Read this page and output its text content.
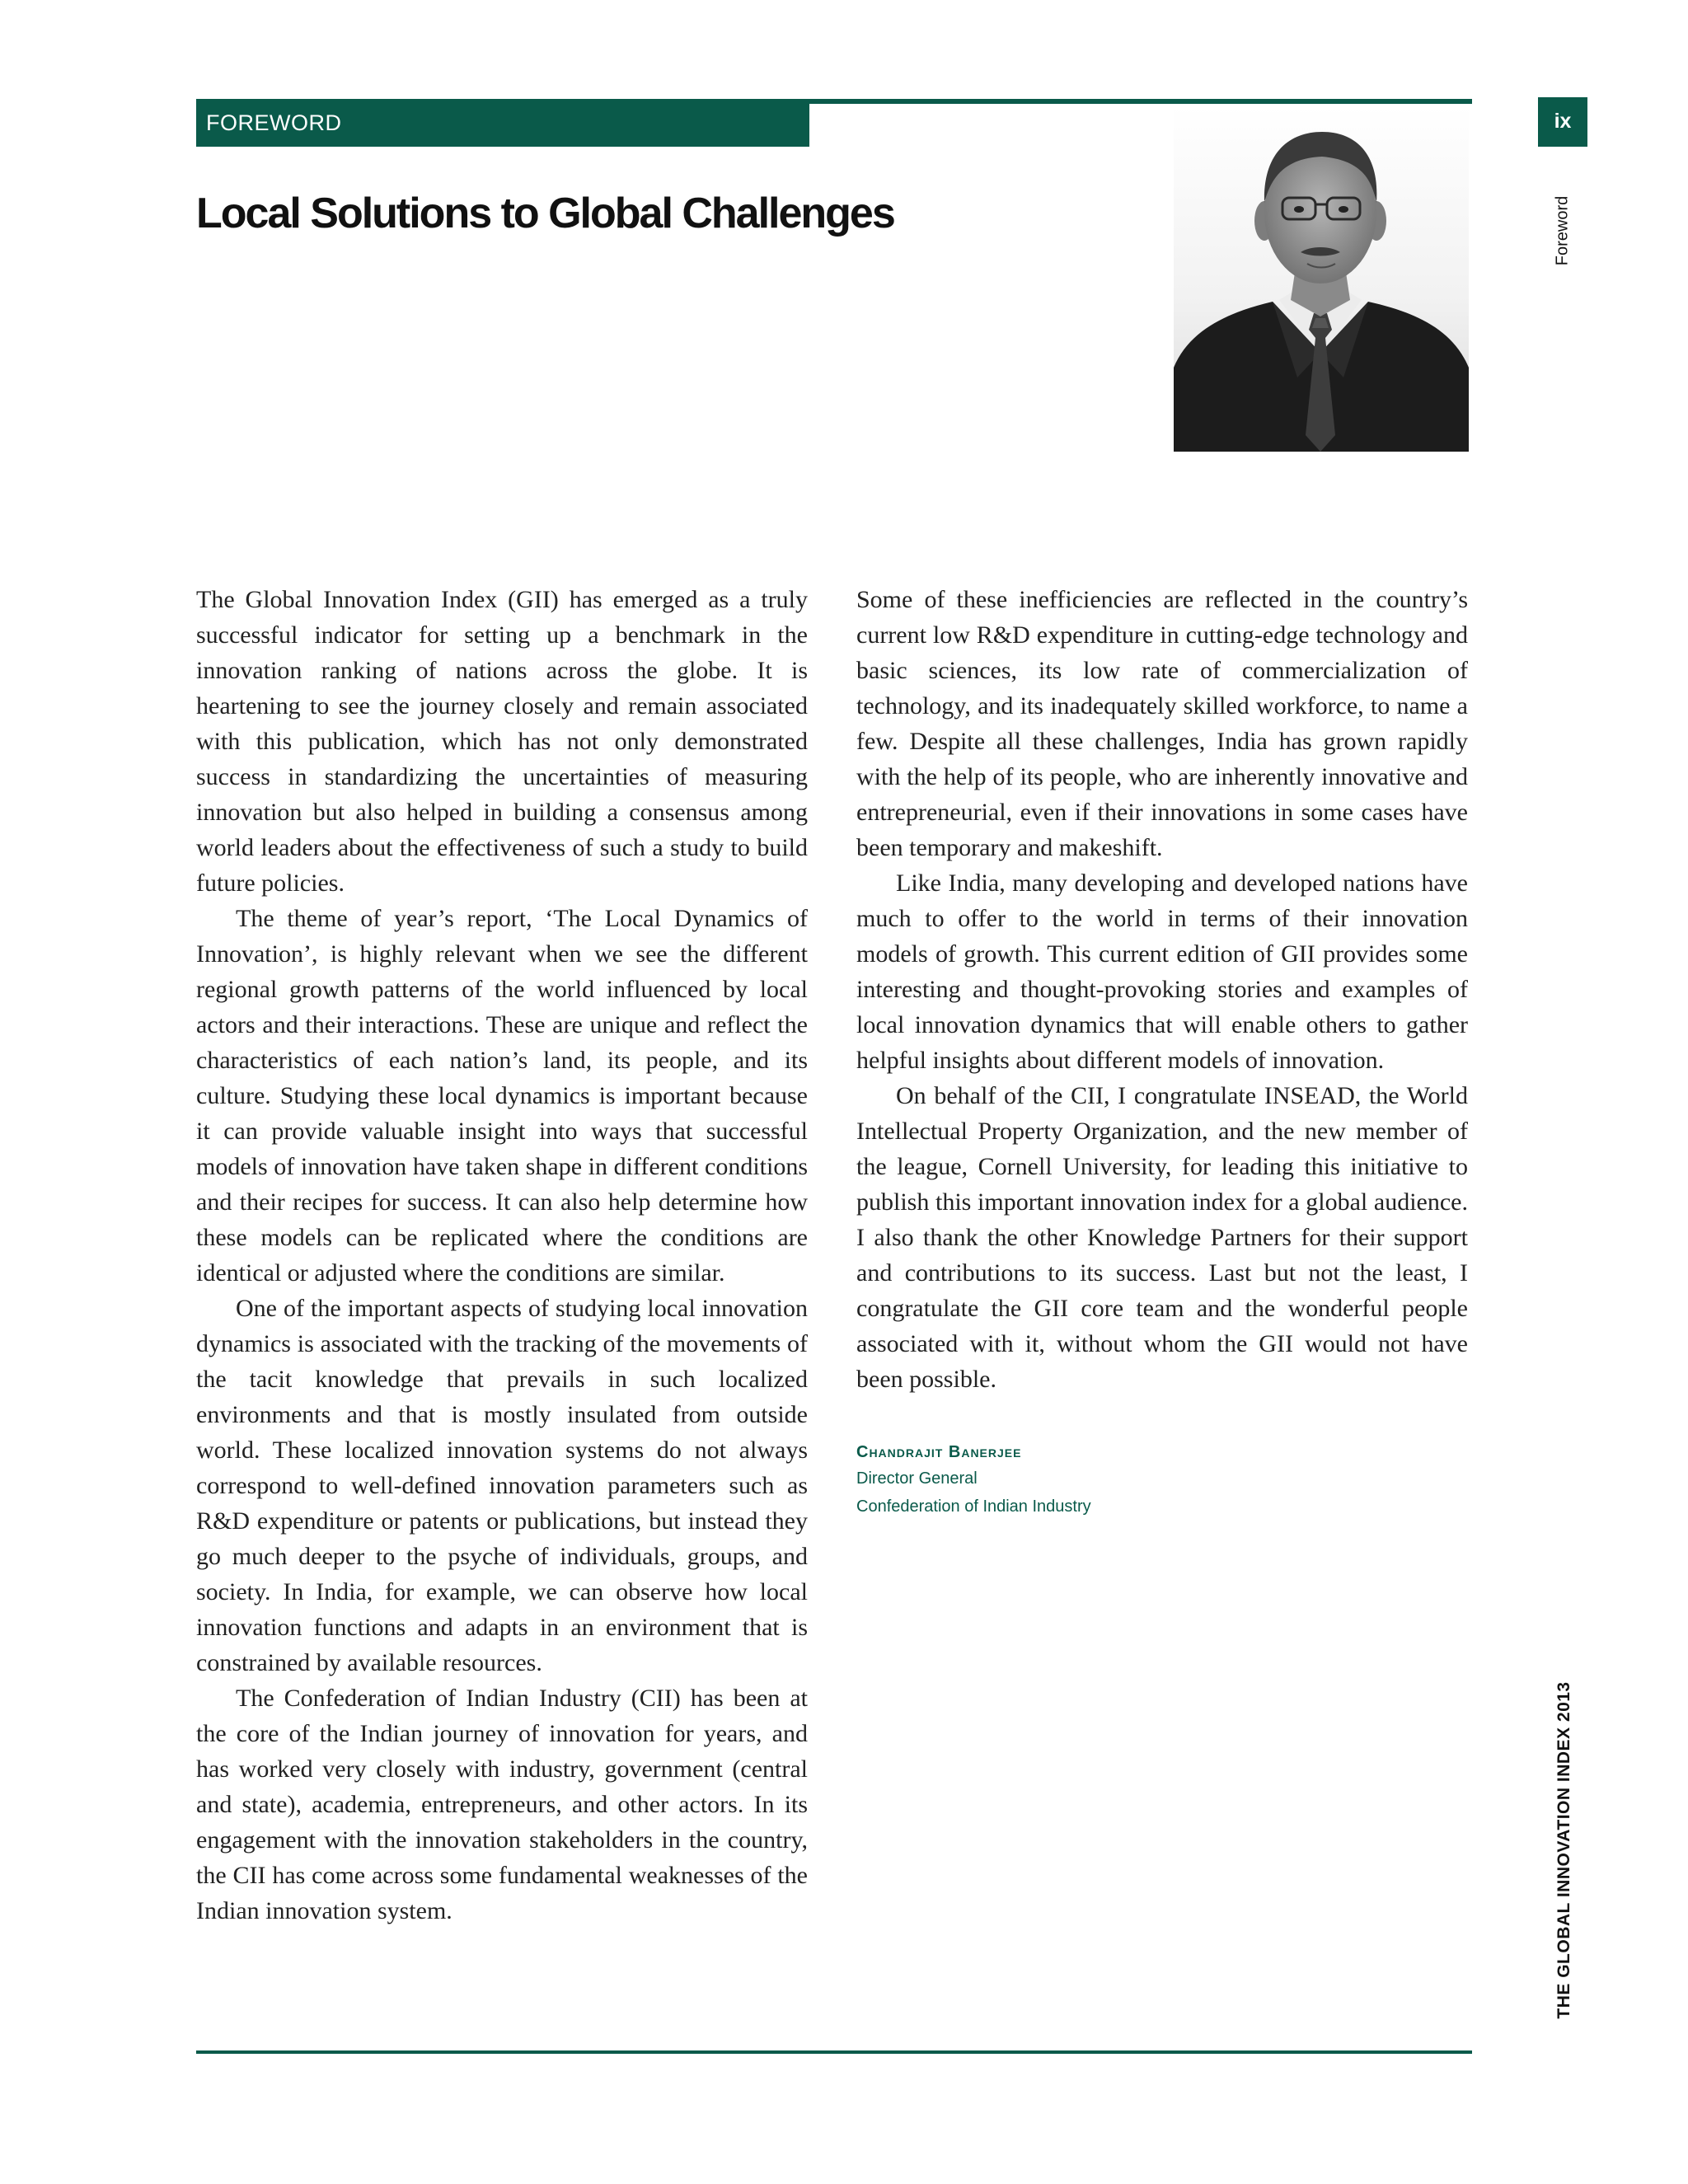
FOREWORD	ix
Foreword
THE GLOBAL INNOVATION INDEX 2013
Local Solutions to Global Challenges

The Global Innovation Index (GII) has emerged as a truly successful indicator for setting up a benchmark in the innovation ranking of nations across the globe. It is heartening to see the journey closely and remain associated with this publication, which has not only demonstrated success in standardizing the uncertainties of measuring innovation but also helped in building a consensus among world leaders about the effectiveness of such a study to build future policies.

The theme of year’s report, ‘The Local Dynamics of Innovation’, is highly relevant when we see the different regional growth patterns of the world influenced by local actors and their interactions. These are unique and reflect the characteristics of each nation’s land, its people, and its culture. Studying these local dynamics is important because it can provide valuable insight into ways that successful models of innovation have taken shape in different conditions and their recipes for success. It can also help determine how these models can be replicated where the conditions are identical or adjusted where the conditions are similar.

One of the important aspects of studying local innovation dynamics is associated with the tracking of the movements of the tacit knowledge that prevails in such localized environments and that is mostly insulated from outside world. These localized innovation systems do not always correspond to well-defined innovation parameters such as R&D expenditure or patents or publications, but instead they go much deeper to the psyche of individuals, groups, and society. In India, for example, we can observe how local innovation functions and adapts in an environment that is constrained by available resources.

The Confederation of Indian Industry (CII) has been at the core of the Indian journey of innovation for years, and has worked very closely with industry, government (central and state), academia, entrepreneurs, and other actors. In its engagement with the innovation stakeholders in the country, the CII has come across some fundamental weaknesses of the Indian innovation system.

Some of these inefficiencies are reflected in the country’s current low R&D expenditure in cutting-edge technology and basic sciences, its low rate of commercialization of technology, and its inadequately skilled workforce, to name a few. Despite all these challenges, India has grown rapidly with the help of its people, who are inherently innovative and entrepreneurial, even if their innovations in some cases have been temporary and makeshift.

Like India, many developing and developed nations have much to offer to the world in terms of their innovation models of growth. This current edition of GII provides some interesting and thought-provoking stories and examples of local innovation dynamics that will enable others to gather helpful insights about different models of innovation.

On behalf of the CII, I congratulate INSEAD, the World Intellectual Property Organization, and the new member of the league, Cornell University, for leading this initiative to publish this important innovation index for a global audience. I also thank the other Knowledge Partners for their support and contributions to its success. Last but not the least, I congratulate the GII core team and the wonderful people associated with it, without whom the GII would not have been possible.

Chandrajit Banerjee
Director General
Confederation of Indian Industry
